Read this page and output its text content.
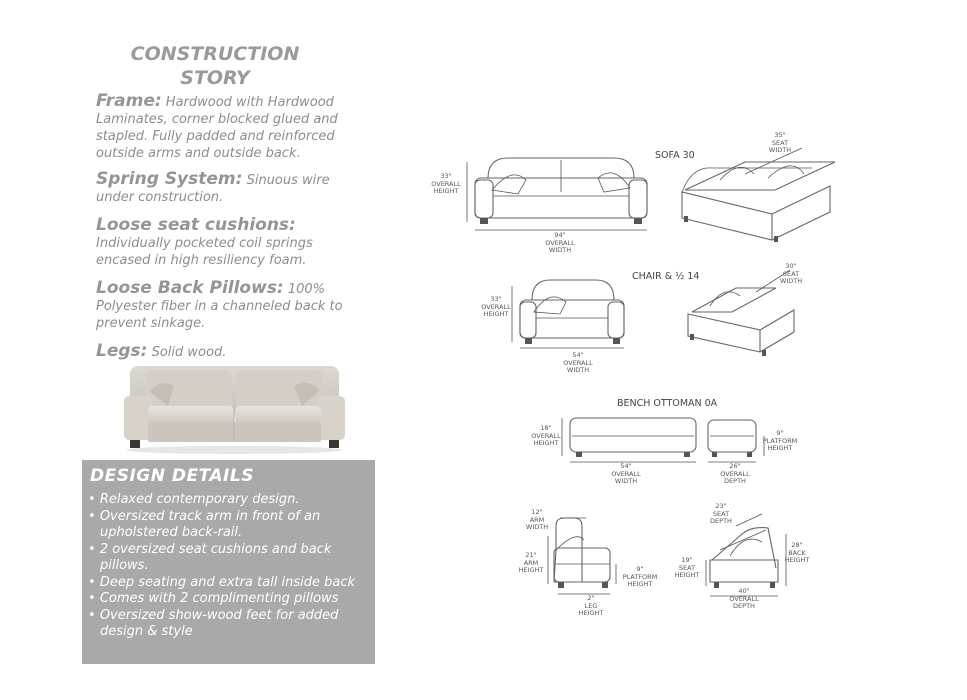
CONSTRUCTION
STORY
Frame: Hardwood with Hardwood Laminates, corner blocked glued and stapled. Fully padded and reinforced outside arms and outside back.
Spring System: Sinuous wire under construction.
Loose seat cushions:
Individually pocketed coil springs encased in high resiliency foam.
Loose Back Pillows: 100% Polyester fiber in a channeled back to prevent sinkage.
Legs: Solid wood.
DESIGN DETAILS
• Relaxed contemporary design.
• Oversized track arm in front of an upholstered back-rail.
• 2 oversized seat cushions and back pillows.
• Deep seating and extra tall inside back
• Comes with 2 complimenting pillows
• Oversized show-wood feet for added design & style
SOFA 30
33"
OVERALL
HEIGHT
94"
OVERALL
WIDTH
35"
SEAT
WIDTH
CHAIR & ½ 14
33"
OVERALL
HEIGHT
54"
OVERALL
WIDTH
30"
SEAT
WIDTH
BENCH OTTOMAN 0A
18"
OVERALL
HEIGHT
54"
OVERALL
WIDTH
9"
PLATFORM
HEIGHT
26"
OVERALL
DEPTH
12"
ARM
WIDTH
21"
ARM
HEIGHT	9"
PLATFORM
HEIGHT
2"
LEG
HEIGHT
23"
SEAT
DEPTH
19"
SEAT
HEIGHT
28"
BACK
HEIGHT
40"
OVERALL
DEPTH
